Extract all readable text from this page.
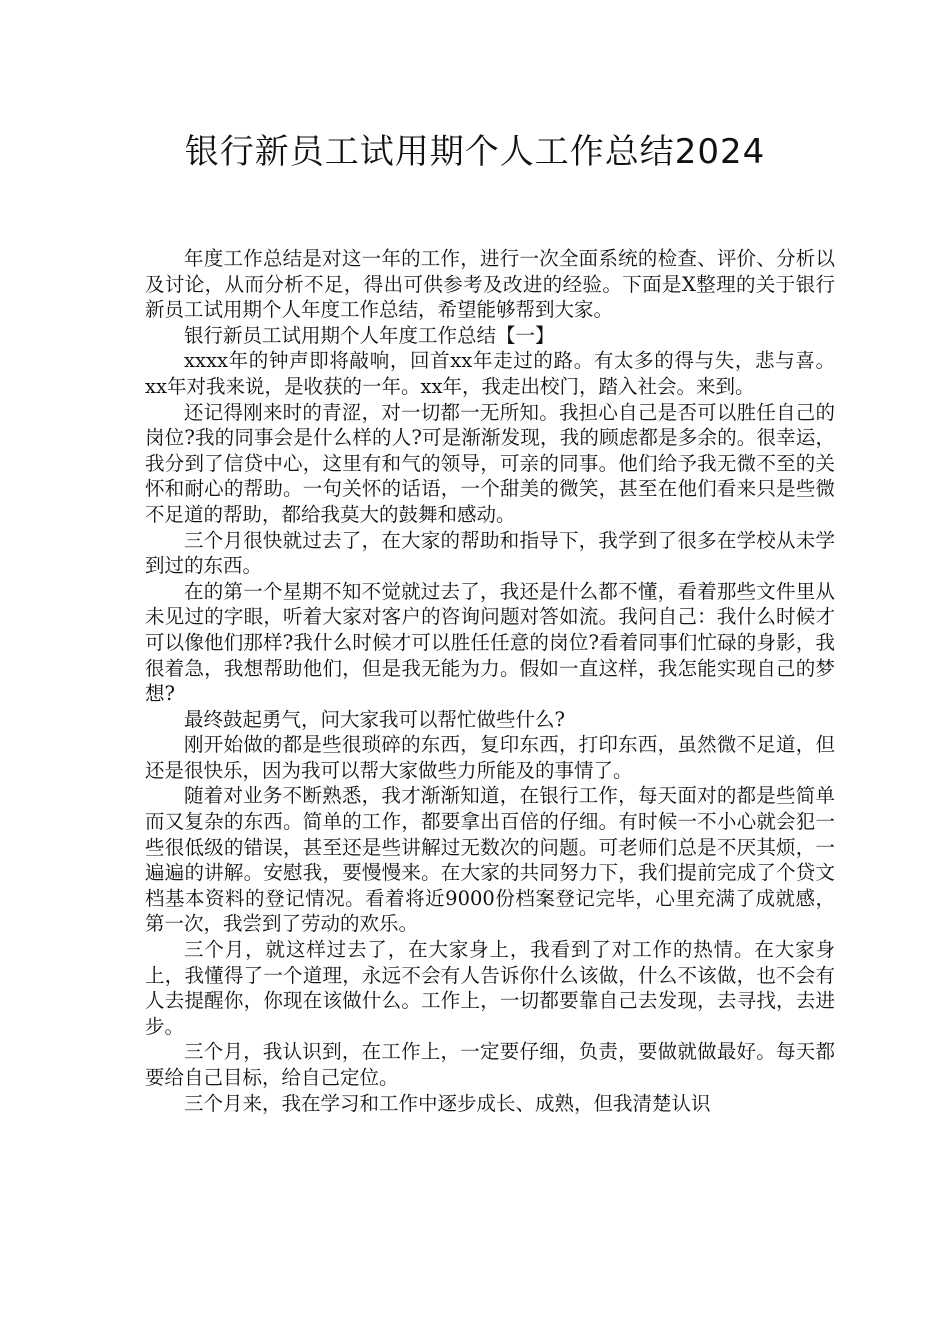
银行新员工试用期个人工作总结2024

年度工作总结是对这一年的工作，进行一次全面系统的检查、评价、分析以及讨论，从而分析不足，得出可供参考及改进的经验。下面是X整理的关于银行新员工试用期个人年度工作总结，希望能够帮到大家。

银行新员工试用期个人年度工作总结【一】

xxxx年的钟声即将敲响，回首xx年走过的路。有太多的得与失，悲与喜。xx年对我来说，是收获的一年。xx年，我走出校门，踏入社会。来到。

还记得刚来时的青涩，对一切都一无所知。我担心自己是否可以胜任自己的岗位?我的同事会是什么样的人?可是渐渐发现，我的顾虑都是多余的。很幸运，我分到了信贷中心，这里有和气的领导，可亲的同事。他们给予我无微不至的关怀和耐心的帮助。一句关怀的话语，一个甜美的微笑，甚至在他们看来只是些微不足道的帮助，都给我莫大的鼓舞和感动。

三个月很快就过去了，在大家的帮助和指导下，我学到了很多在学校从未学到过的东西。

在的第一个星期不知不觉就过去了，我还是什么都不懂，看着那些文件里从未见过的字眼，听着大家对客户的咨询问题对答如流。我问自己：我什么时候才可以像他们那样?我什么时候才可以胜任任意的岗位?看着同事们忙碌的身影，我很着急，我想帮助他们，但是我无能为力。假如一直这样，我怎能实现自己的梦想?

最终鼓起勇气，问大家我可以帮忙做些什么?

刚开始做的都是些很琐碎的东西，复印东西，打印东西，虽然微不足道，但还是很快乐，因为我可以帮大家做些力所能及的事情了。

随着对业务不断熟悉，我才渐渐知道，在银行工作，每天面对的都是些简单而又复杂的东西。简单的工作，都要拿出百倍的仔细。有时候一不小心就会犯一些很低级的错误，甚至还是些讲解过无数次的问题。可老师们总是不厌其烦，一遍遍的讲解。安慰我，要慢慢来。在大家的共同努力下，我们提前完成了个贷文档基本资料的登记情况。看着将近9000份档案登记完毕，心里充满了成就感，第一次，我尝到了劳动的欢乐。

三个月，就这样过去了，在大家身上，我看到了对工作的热情。在大家身上，我懂得了一个道理，永远不会有人告诉你什么该做，什么不该做，也不会有人去提醒你，你现在该做什么。工作上，一切都要靠自己去发现，去寻找，去进步。

三个月，我认识到，在工作上，一定要仔细，负责，要做就做最好。每天都要给自己目标，给自己定位。

三个月来，我在学习和工作中逐步成长、成熟，但我清楚认识
